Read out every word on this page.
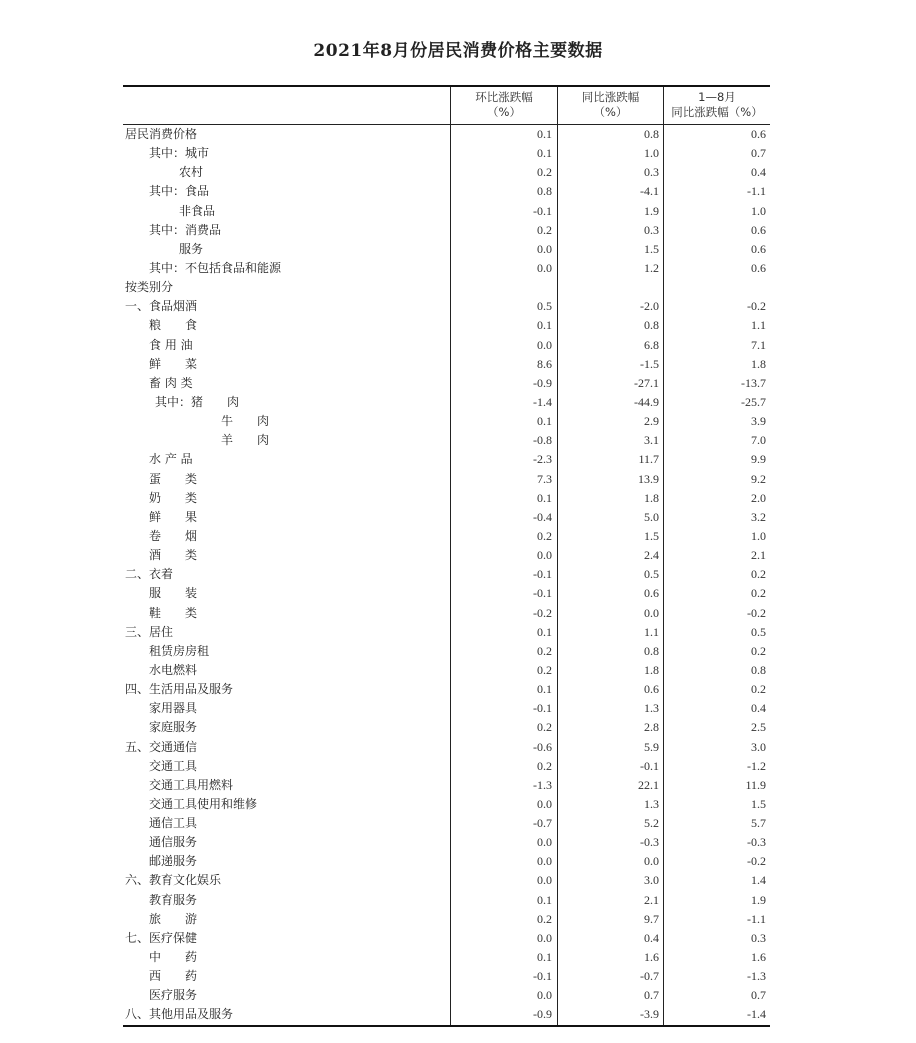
2021年8月份居民消费价格主要数据
环比涨跌幅
（%）
同比涨跌幅
（%）
1—8月
同比涨跌幅（%）
居民消费价格	0.1	0.8	0.6
其中：城市	0.1	1.0	0.7
农村	0.2	0.3	0.4
其中：食品	0.8	-4.1	-1.1
非食品	-0.1	1.9	1.0
其中：消费品	0.2	0.3	0.6
服务	0.0	1.5	0.6
其中：不包括食品和能源	0.0	1.2	0.6
按类别分
一、食品烟酒	0.5	-2.0	-0.2
粮　　食	0.1	0.8	1.1
食 用 油	0.0	6.8	7.1
鲜　　菜	8.6	-1.5	1.8
畜 肉 类	-0.9	-27.1	-13.7
其中：猪　　肉	-1.4	-44.9	-25.7
牛　　肉	0.1	2.9	3.9
羊　　肉	-0.8	3.1	7.0
水 产 品	-2.3	11.7	9.9
蛋　　类	7.3	13.9	9.2
奶　　类	0.1	1.8	2.0
鲜　　果	-0.4	5.0	3.2
卷　　烟	0.2	1.5	1.0
酒　　类	0.0	2.4	2.1
二、衣着	-0.1	0.5	0.2
服　　装	-0.1	0.6	0.2
鞋　　类	-0.2	0.0	-0.2
三、居住	0.1	1.1	0.5
租赁房房租	0.2	0.8	0.2
水电燃料	0.2	1.8	0.8
四、生活用品及服务	0.1	0.6	0.2
家用器具	-0.1	1.3	0.4
家庭服务	0.2	2.8	2.5
五、交通通信	-0.6	5.9	3.0
交通工具	0.2	-0.1	-1.2
交通工具用燃料	-1.3	22.1	11.9
交通工具使用和维修	0.0	1.3	1.5
通信工具	-0.7	5.2	5.7
通信服务	0.0	-0.3	-0.3
邮递服务	0.0	0.0	-0.2
六、教育文化娱乐	0.0	3.0	1.4
教育服务	0.1	2.1	1.9
旅　　游	0.2	9.7	-1.1
七、医疗保健	0.0	0.4	0.3
中　　药	0.1	1.6	1.6
西　　药	-0.1	-0.7	-1.3
医疗服务	0.0	0.7	0.7
八、其他用品及服务	-0.9	-3.9	-1.4
